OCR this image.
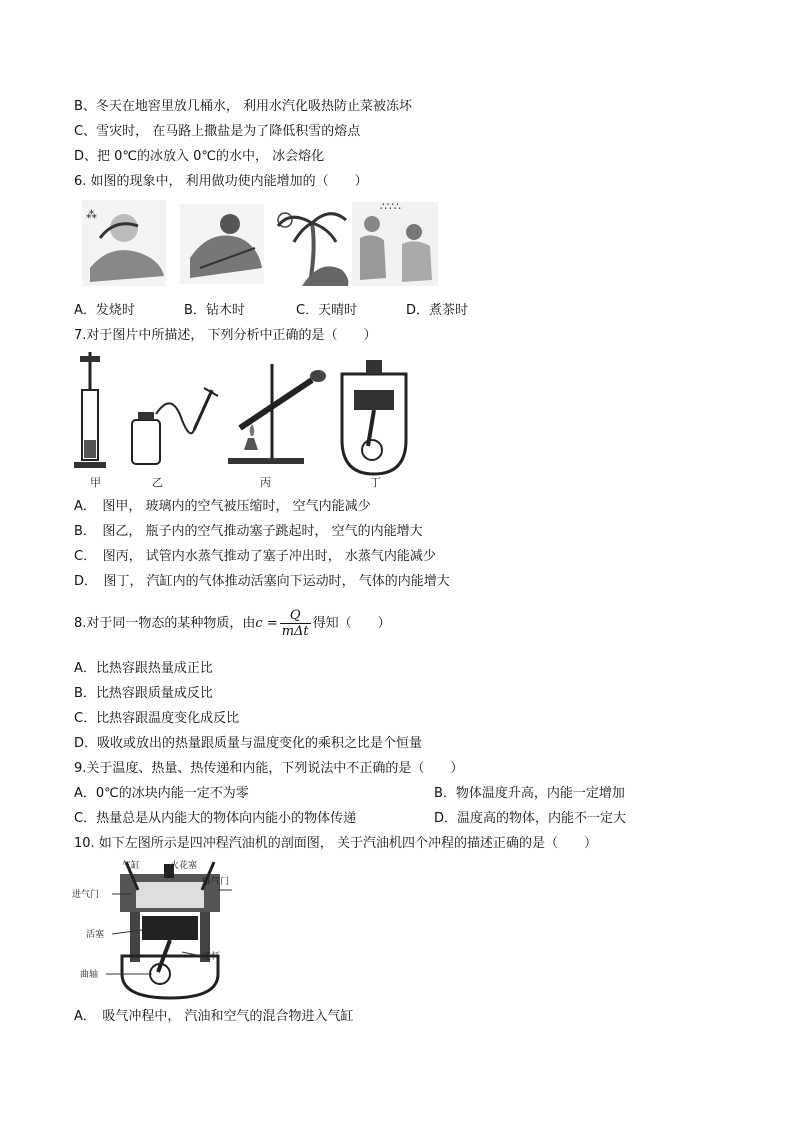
B、冬天在地窖里放几桶水， 利用水汽化吸热防止菜被冻坏
C、雪灾时， 在马路上撒盐是为了降低积雪的熔点
D、把 0℃的冰放入 0℃的水中， 冰会熔化
6. 如图的现象中， 利用做功使内能增加的（　　）
⁂
∴∵∴
A．发烧时	B．钻木时	C．天晴时	D．煮茶时
7.对于图片中所描述， 下列分析中正确的是（　　）
甲	乙	丙	丁
A．　图甲， 玻璃内的空气被压缩时， 空气内能减少
B．　图乙， 瓶子内的空气推动塞子跳起时， 空气的内能增大
C．　图丙， 试管内水蒸气推动了塞子冲出时， 水蒸气内能减少
D．　图丁， 汽缸内的气体推动活塞向下运动时， 气体的内能增大
8.对于同一物态的某种物质，由$c = \frac{Q}{\text{mΔt}}$ 得知（　　）
A．比热容跟热量成正比
B．比热容跟质量成反比
C．比热容跟温度变化成反比
D．吸收或放出的热量跟质量与温度变化的乘积之比是个恒量
9.关于温度、热量、热传递和内能，下列说法中不正确的是（　　）
A．0℃的冰块内能一定不为零	B．物体温度升高，内能一定增加
C．热量总是从内能大的物体向内能小的物体传递	D．温度高的物体，内能不一定大
10. 如下左图所示是四冲程汽油机的剖面图， 关于汽油机四个冲程的描述正确的是（　　）
气缸	火花塞
进气门
排气门
活塞
连杆
曲轴
A．　吸气冲程中， 汽油和空气的混合物进入气缸
